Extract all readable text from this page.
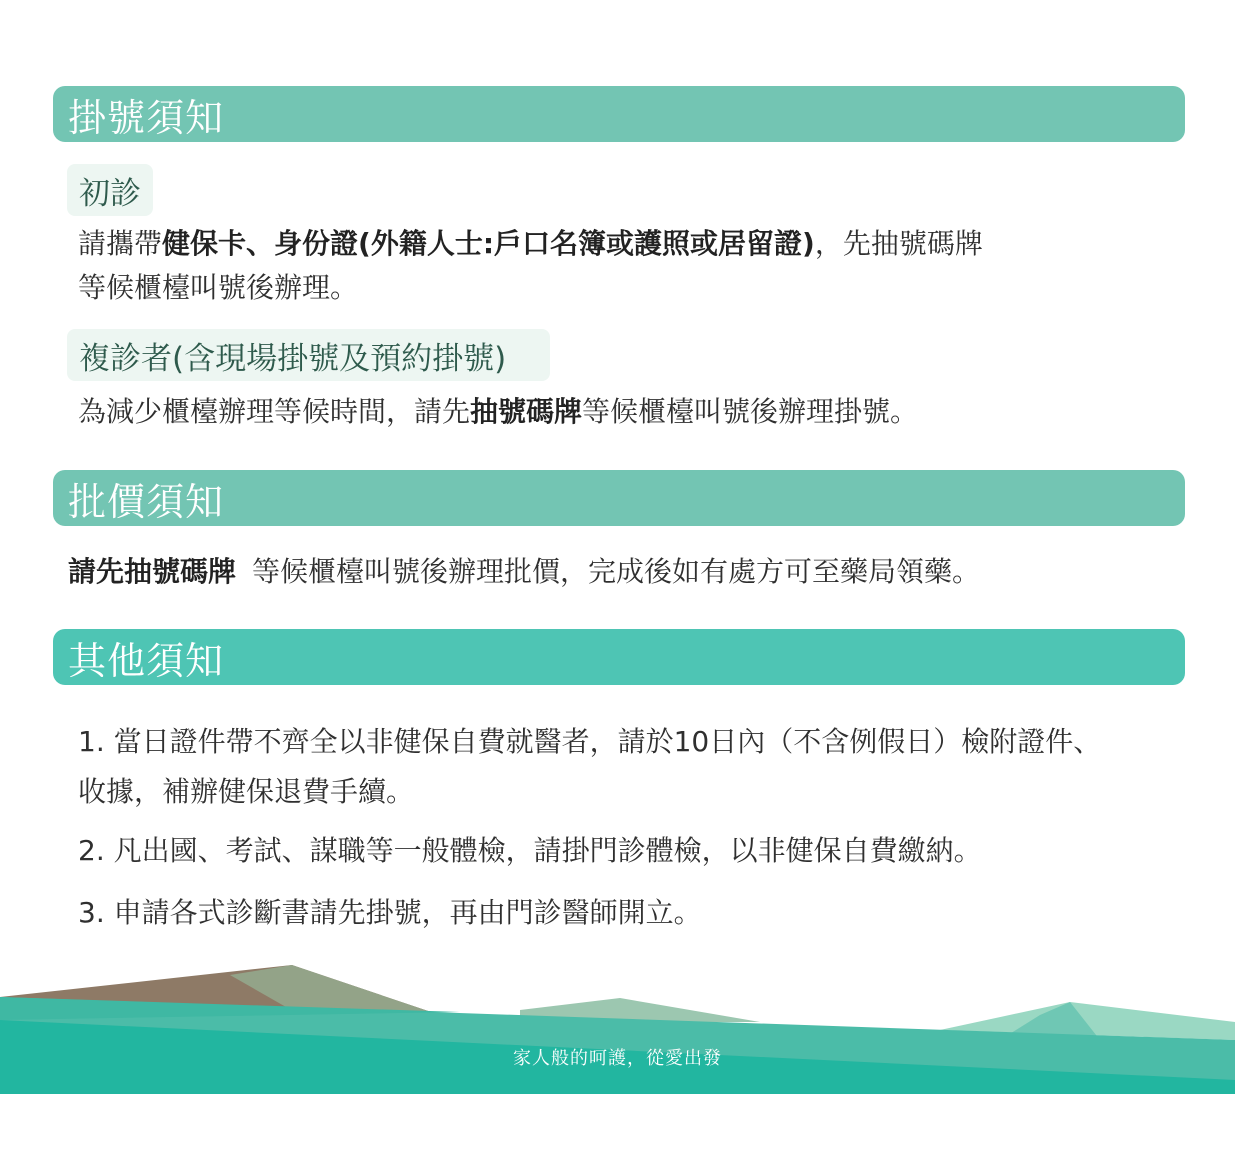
掛號須知
初診
請攜帶健保卡、身份證(外籍人士:戶口名簿或護照或居留證)，先抽號碼牌
等候櫃檯叫號後辦理。
複診者(含現場掛號及預約掛號)
為減少櫃檯辦理等候時間，請先抽號碼牌等候櫃檯叫號後辦理掛號。
批價須知
請先抽號碼牌 等候櫃檯叫號後辦理批價，完成後如有處方可至藥局領藥。
其他須知
1. 當日證件帶不齊全以非健保自費就醫者，請於10日內（不含例假日）檢附證件、
收據，補辦健保退費手續。
2. 凡出國、考試、謀職等一般體檢，請掛門診體檢，以非健保自費繳納。
3. 申請各式診斷書請先掛號，再由門診醫師開立。
家人般的呵護，從愛出發
